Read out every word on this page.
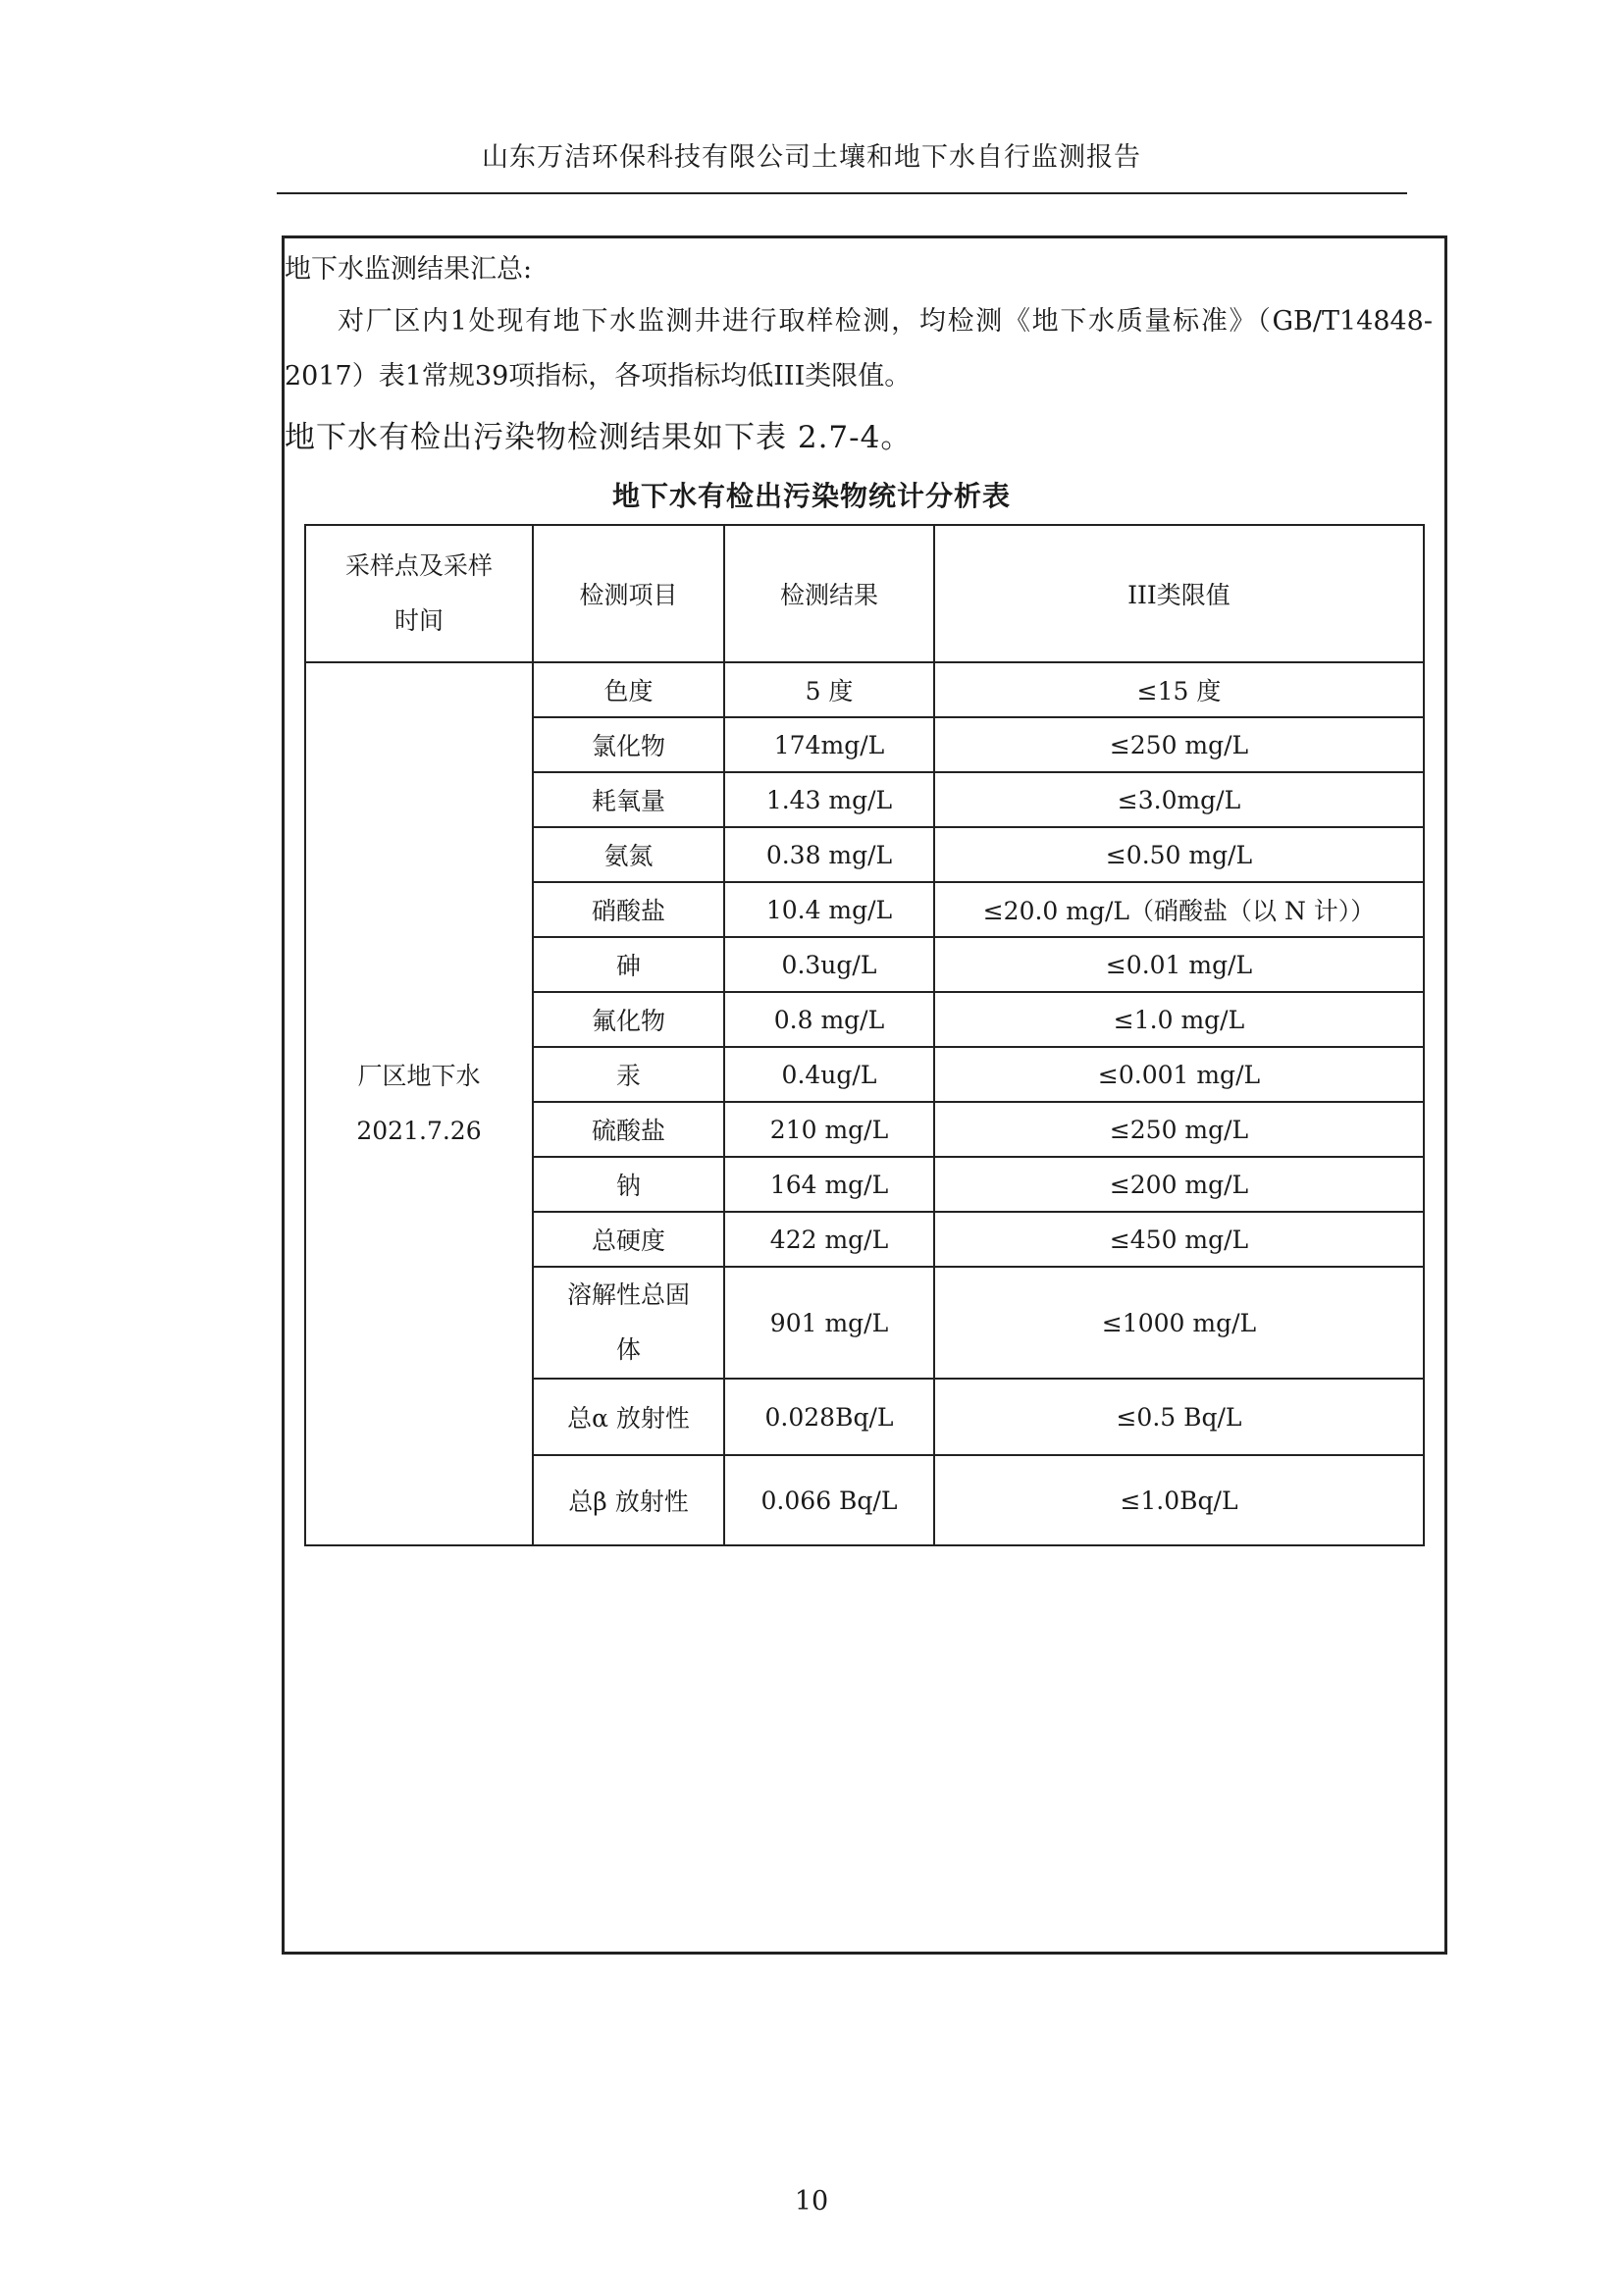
山东万洁环保科技有限公司土壤和地下水自行监测报告
地下水监测结果汇总:
对厂区内1处现有地下水监测井进行取样检测，均检测《地下水质量标准》（GB/T14848-2017）表1常规39项指标，各项指标均低III类限值。
地下水有检出污染物检测结果如下表 2.7-4。
地下水有检出污染物统计分析表
采样点及采样
时间	检测项目	检测结果	III类限值

厂区地下水
2021.7.26	色度	5 度	≤15 度
	氯化物	174mg/L	≤250 mg/L
	耗氧量	1.43 mg/L	≤3.0mg/L
	氨氮	0.38 mg/L	≤0.50 mg/L
	硝酸盐	10.4 mg/L	≤20.0 mg/L（硝酸盐（以 N 计））
	砷	0.3ug/L	≤0.01 mg/L
	氟化物	0.8 mg/L	≤1.0 mg/L
	汞	0.4ug/L	≤0.001 mg/L
	硫酸盐	210 mg/L	≤250 mg/L
	钠	164 mg/L	≤200 mg/L
	总硬度	422 mg/L	≤450 mg/L

	溶解性总固
体	901 mg/L	≤1000 mg/L
	总α 放射性	0.028Bq/L	≤0.5 Bq/L
	总β 放射性	0.066 Bq/L	≤1.0Bq/L
10
